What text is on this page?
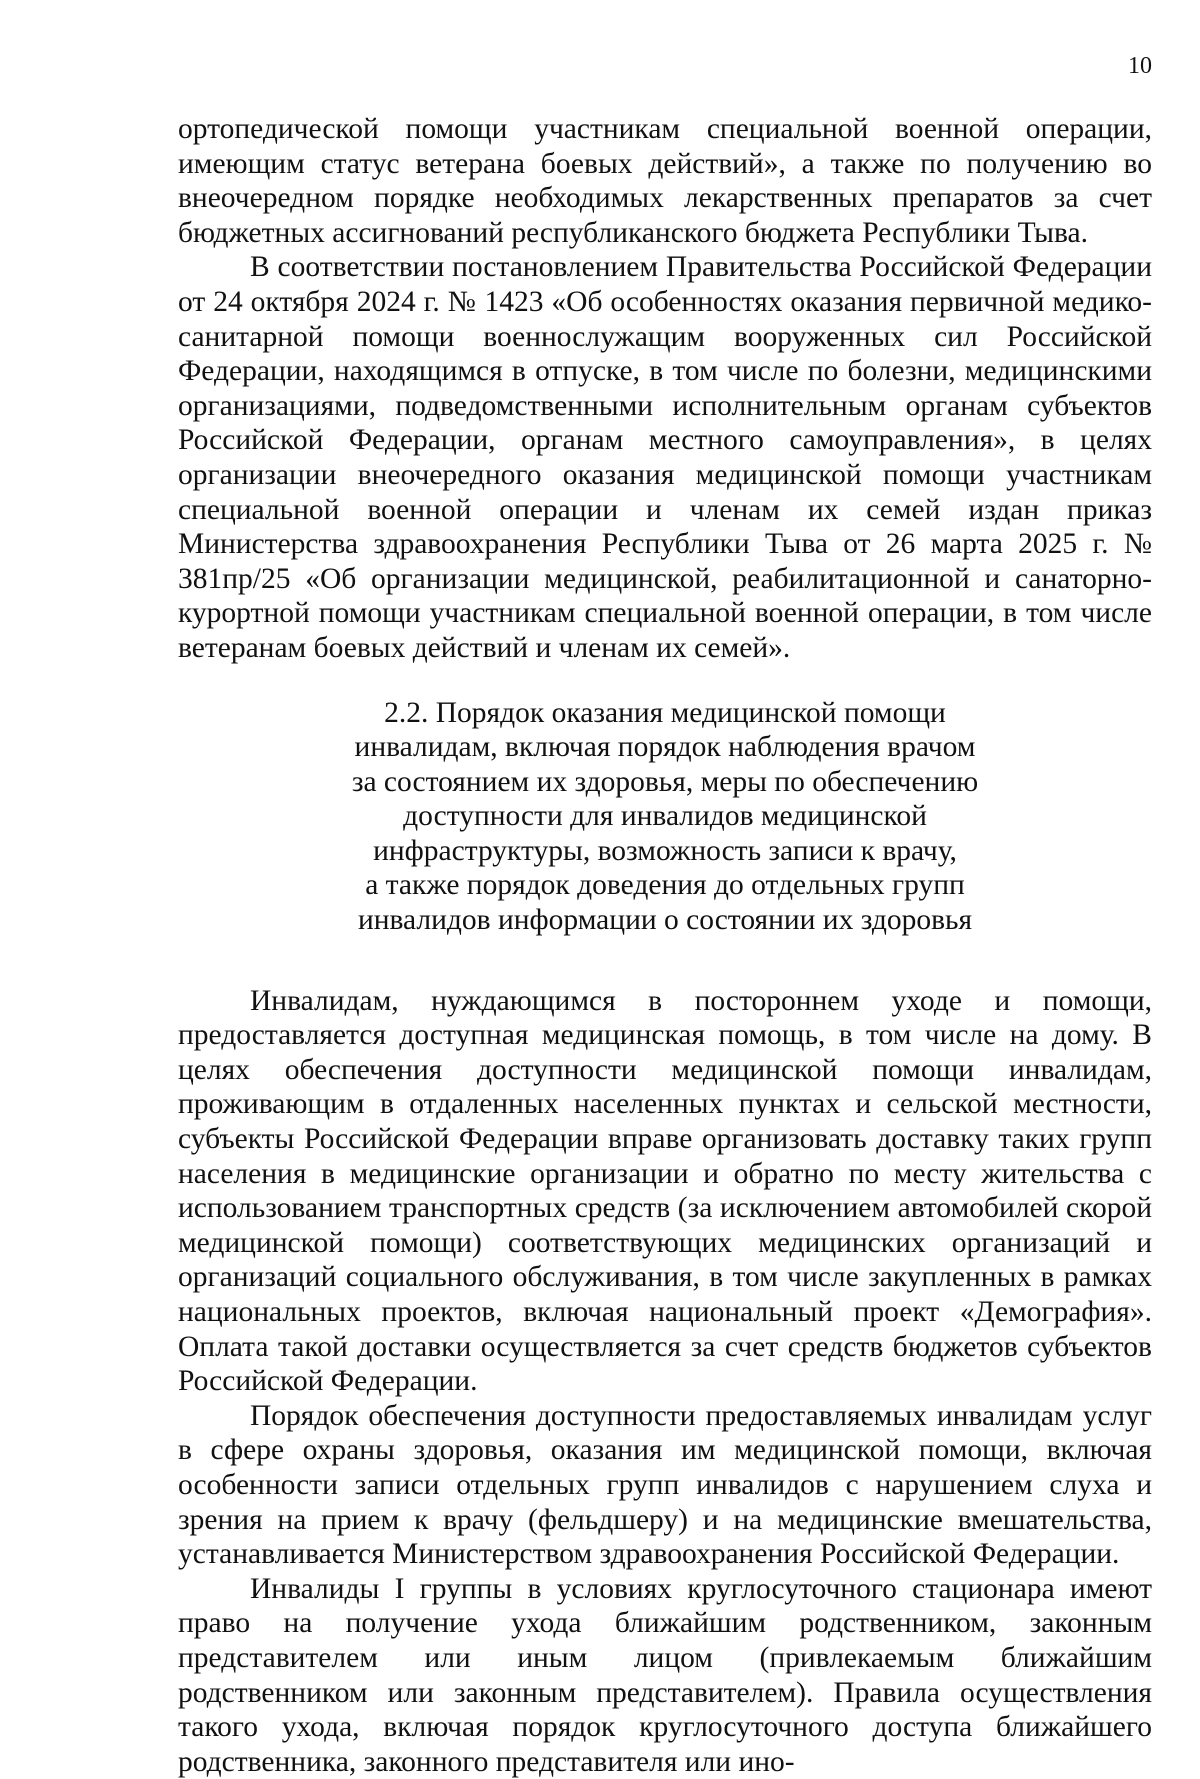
10

ортопедической помощи участникам специальной военной операции, имеющим статус ветерана боевых действий», а также по получению во внеочередном порядке необходимых лекарственных препаратов за счет бюджетных ассигнований республиканского бюджета Республики Тыва.

В соответствии постановлением Правительства Российской Федерации от 24 октября 2024 г. № 1423 «Об особенностях оказания первичной медико-санитарной помощи военнослужащим вооруженных сил Российской Федерации, находящимся в отпуске, в том числе по болезни, медицинскими организациями, подведомственными исполнительным органам субъектов Российской Федерации, органам местного самоуправления», в целях организации внеочередного оказания медицинской помощи участникам специальной военной операции и членам их семей издан приказ Министерства здравоохранения Республики Тыва от 26 марта 2025 г. № 381пр/25 «Об организации медицинской, реабилитационной и санаторно-курортной помощи участникам специальной военной операции, в том числе ветеранам боевых действий и членам их семей».

2.2. Порядок оказания медицинской помощи
инвалидам, включая порядок наблюдения врачом
за состоянием их здоровья, меры по обеспечению
доступности для инвалидов медицинской
инфраструктуры, возможность записи к врачу,
а также порядок доведения до отдельных групп
инвалидов информации о состоянии их здоровья

Инвалидам, нуждающимся в постороннем уходе и помощи, предоставляется доступная медицинская помощь, в том числе на дому. В целях обеспечения доступности медицинской помощи инвалидам, проживающим в отдаленных населенных пунктах и сельской местности, субъекты Российской Федерации вправе организовать доставку таких групп населения в медицинские организации и обратно по месту жительства с использованием транспортных средств (за исключением автомобилей скорой медицинской помощи) соответствующих медицинских организаций и организаций социального обслуживания, в том числе закупленных в рамках национальных проектов, включая национальный проект «Демография». Оплата такой доставки осуществляется за счет средств бюджетов субъектов Российской Федерации.

Порядок обеспечения доступности предоставляемых инвалидам услуг в сфере охраны здоровья, оказания им медицинской помощи, включая особенности записи отдельных групп инвалидов с нарушением слуха и зрения на прием к врачу (фельдшеру) и на медицинские вмешательства, устанавливается Министерством здравоохранения Российской Федерации.

Инвалиды I группы в условиях круглосуточного стационара имеют право на получение ухода ближайшим родственником, законным представителем или иным лицом (привлекаемым ближайшим родственником или законным представителем). Правила осуществления такого ухода, включая порядок круглосуточного доступа ближайшего родственника, законного представителя или ино-
